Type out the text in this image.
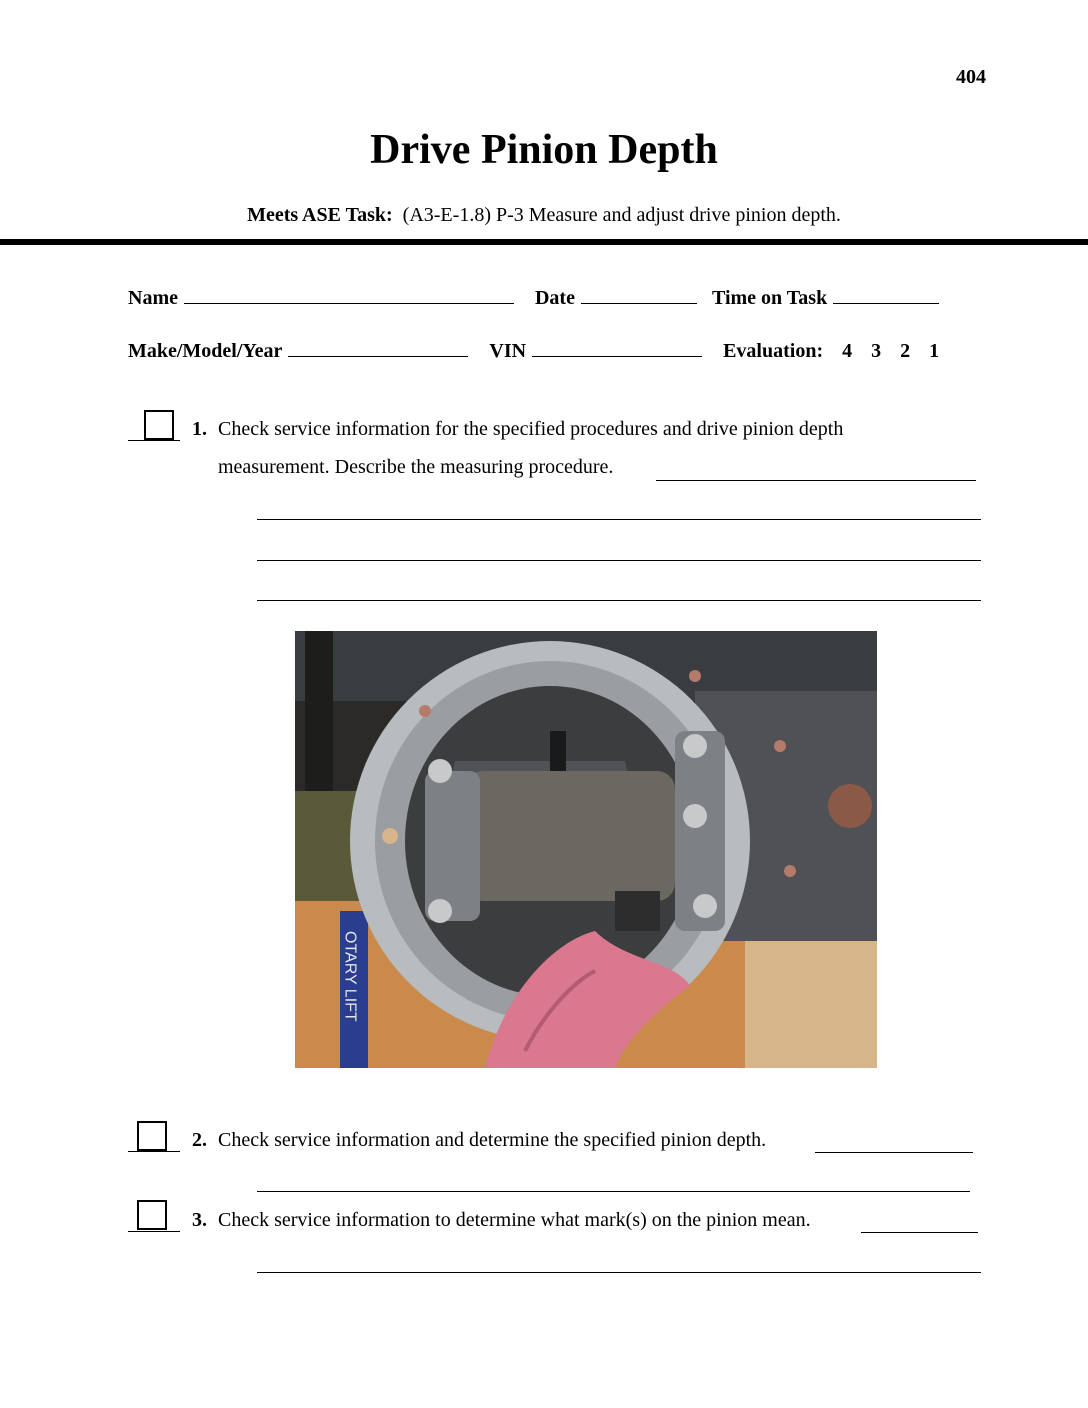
404
Drive Pinion Depth
Meets ASE Task: (A3-E-1.8) P-3 Measure and adjust drive pinion depth.
Name	Date	Time on Task
Make/Model/Year	VIN	Evaluation: 4 3 2 1
1. Check service information for the specified procedures and drive pinion depth
measurement. Describe the measuring procedure.
OTARY LIFT
2. Check service information and determine the specified pinion depth.
3. Check service information to determine what mark(s) on the pinion mean.
